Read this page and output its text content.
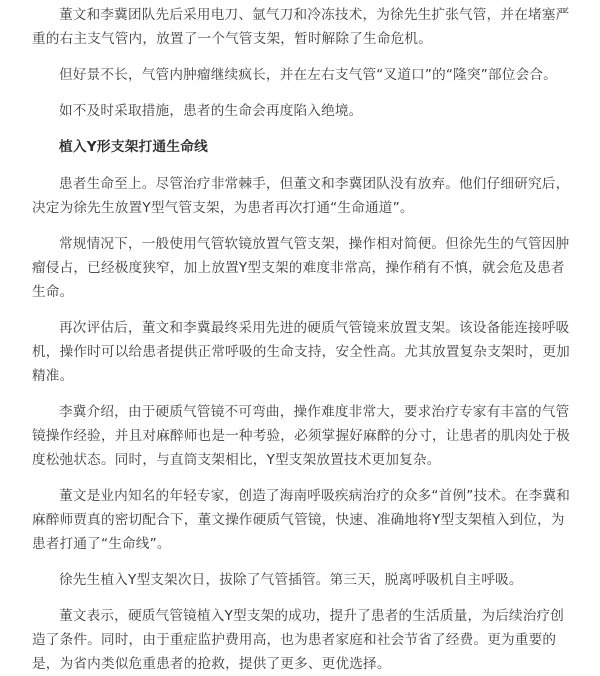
董文和李冀团队先后采用电刀、氩气刀和冷冻技术，为徐先生扩张气管，并在堵塞严重的右主支气管内，放置了一个气管支架，暂时解除了生命危机。

但好景不长，气管内肿瘤继续疯长，并在左右支气管“叉道口”的“隆突”部位会合。

如不及时采取措施，患者的生命会再度陷入绝境。

植入Y形支架打通生命线

患者生命至上。尽管治疗非常棘手，但董文和李冀团队没有放弃。他们仔细研究后，决定为徐先生放置Y型气管支架，为患者再次打通“生命通道”。

常规情况下，一般使用气管软镜放置气管支架，操作相对简便。但徐先生的气管因肿瘤侵占，已经极度狭窄，加上放置Y型支架的难度非常高，操作稍有不慎，就会危及患者生命。

再次评估后，董文和李冀最终采用先进的硬质气管镜来放置支架。该设备能连接呼吸机，操作时可以给患者提供正常呼吸的生命支持，安全性高。尤其放置复杂支架时，更加精准。

李冀介绍，由于硬质气管镜不可弯曲，操作难度非常大，要求治疗专家有丰富的气管镜操作经验，并且对麻醉师也是一种考验，必须掌握好麻醉的分寸，让患者的肌肉处于极度松弛状态。同时，与直筒支架相比，Y型支架放置技术更加复杂。

董文是业内知名的年轻专家，创造了海南呼吸疾病治疗的众多“首例”技术。在李冀和麻醉师贾真的密切配合下，董文操作硬质气管镜，快速、准确地将Y型支架植入到位，为患者打通了“生命线”。

徐先生植入Y型支架次日，拔除了气管插管。第三天，脱离呼吸机自主呼吸。

董文表示，硬质气管镜植入Y型支架的成功，提升了患者的生活质量，为后续治疗创造了条件。同时，由于重症监护费用高，也为患者家庭和社会节省了经费。更为重要的是，为省内类似危重患者的抢救，提供了更多、更优选择。
